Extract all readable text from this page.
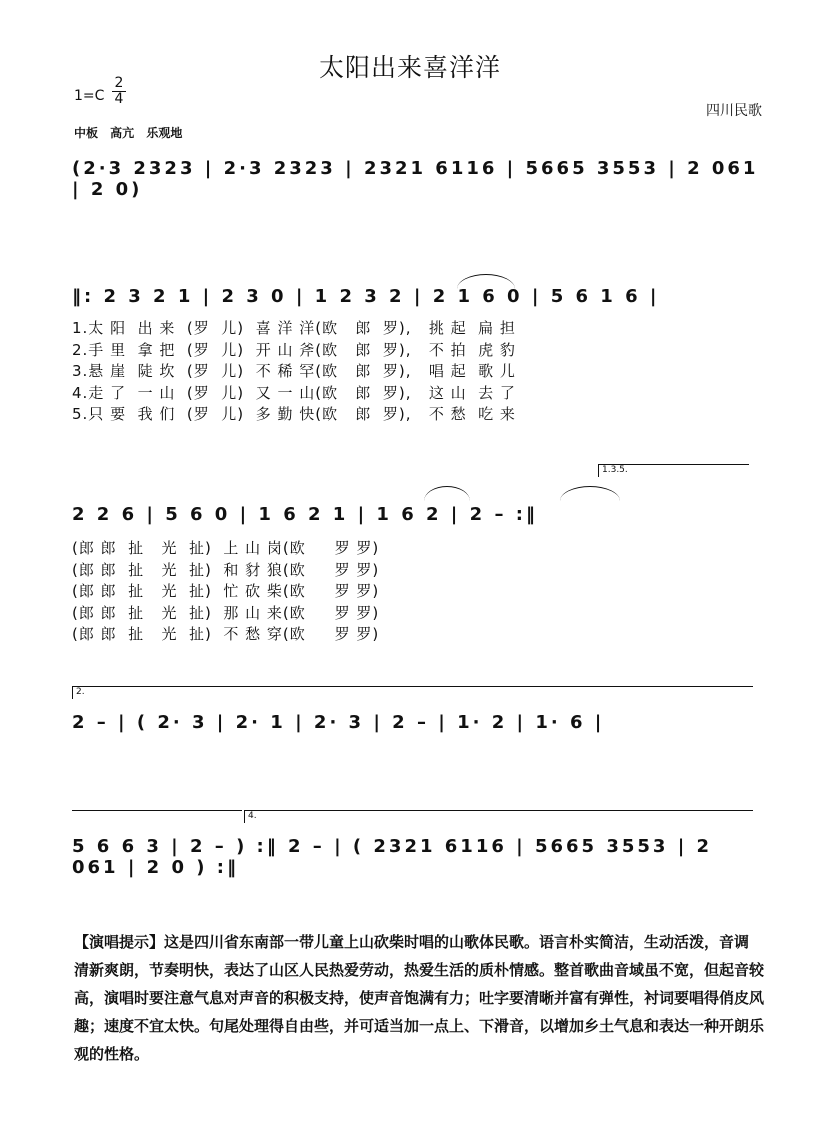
太阳出来喜洋洋
$1=C \frac{2}{4}$
四川民歌
中板 高亢 乐观地
(2·3 2323 | 2·3 2323 | 2321 6116 | 5665 3553 | 2 061 | 2 0)
‖: 2 3 2 1 | 2 3 0 | 1 2 3 2 | 2 1 6 0 | 5 6 1 6 |
1.太 阳  出 来  (罗  儿)  喜 洋 洋(欧   郎  罗),   挑 起  扁 担
2.手 里  拿 把  (罗  儿)  开 山 斧(欧   郎  罗),   不 拍  虎 豹
3.悬 崖  陡 坎  (罗  儿)  不 稀 罕(欧   郎  罗),   唱 起  歌 儿
4.走 了  一 山  (罗  儿)  又 一 山(欧   郎  罗),   这 山  去 了
5.只 要  我 们  (罗  儿)  多 勤 快(欧   郎  罗),   不 愁  吃 来
1.3.5.
2 2 6 | 5 6 0 | 1 6 2 1 | 1 6 2 | 2 – :‖
(郎 郎  扯   光  扯)  上 山 岗(欧     罗 罗)
(郎 郎  扯   光  扯)  和 豺 狼(欧     罗 罗)
(郎 郎  扯   光  扯)  忙 砍 柴(欧     罗 罗)
(郎 郎  扯   光  扯)  那 山 来(欧     罗 罗)
(郎 郎  扯   光  扯)  不 愁 穿(欧     罗 罗)
2.
2 – | ( 2· 3 | 2· 1 | 2· 3 | 2 – | 1· 2 | 1· 6 |
4.
5 6 6 3 | 2 – ) :‖ 2 – | ( 2321 6116 | 5665 3553 | 2 061 | 2 0 ) :‖
【演唱提示】这是四川省东南部一带儿童上山砍柴时唱的山歌体民歌。语言朴实简洁，生动活泼，音调清新爽朗，节奏明快，表达了山区人民热爱劳动，热爱生活的质朴情感。整首歌曲音域虽不宽，但起音较高，演唱时要注意气息对声音的积极支持，使声音饱满有力；吐字要清晰并富有弹性，衬词要唱得俏皮风趣；速度不宜太快。句尾处理得自由些，并可适当加一点上、下滑音，以增加乡土气息和表达一种开朗乐观的性格。
